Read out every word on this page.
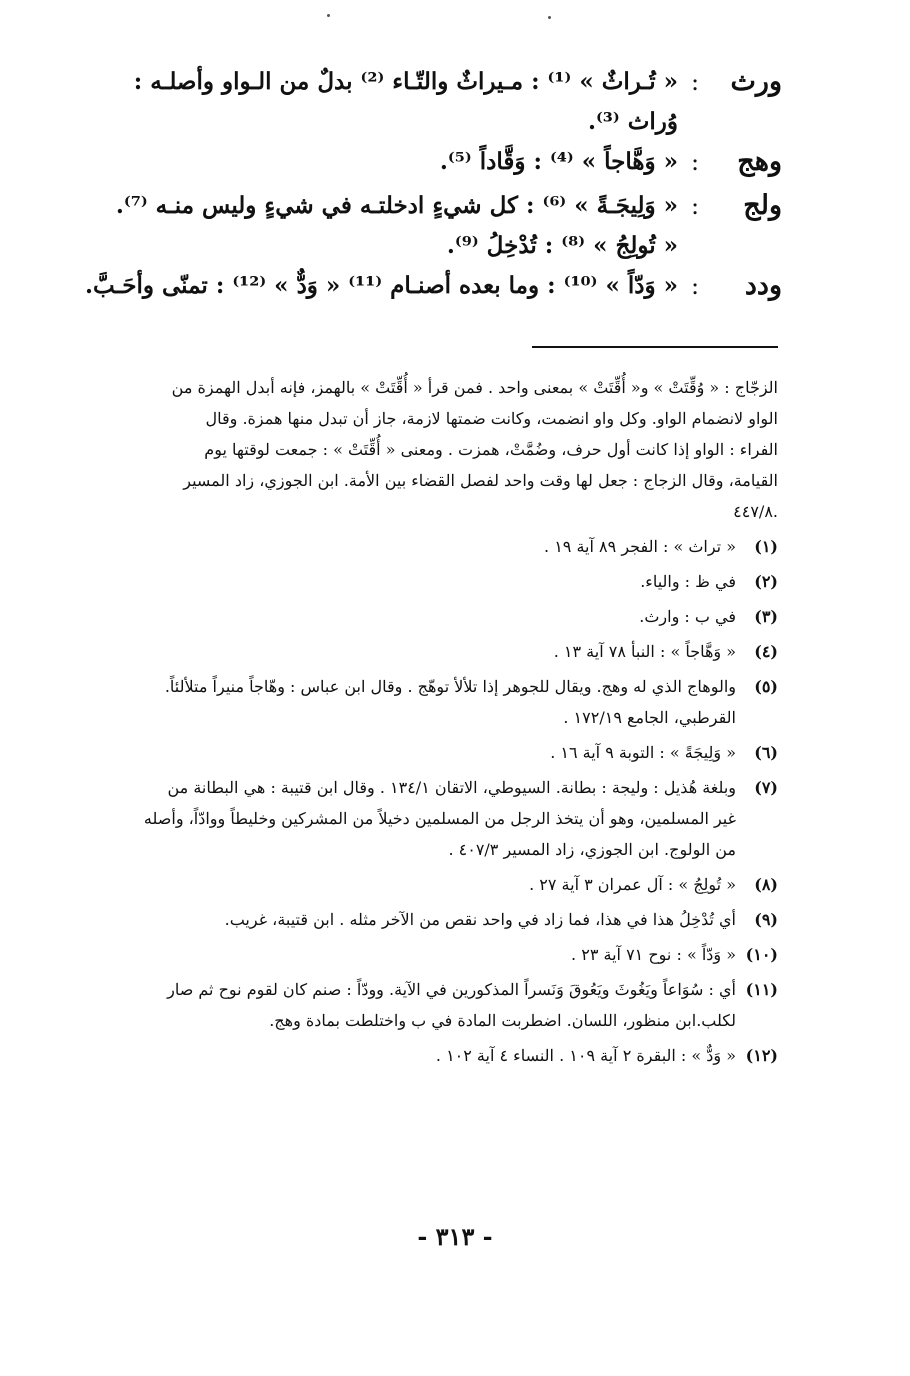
ورث
:
« تُـراثٌ » ⁽¹⁾ : مـيراثٌ والتّـاء ⁽²⁾ بدلٌ من الـواو وأصلـه :
وُراث ⁽³⁾.
وهج
:
« وَهَّاجاً » ⁽⁴⁾ : وَقَّاداً ⁽⁵⁾.
ولج
:
« وَلِيجَـةً » ⁽⁶⁾ : كل شيءٍ ادخلتـه في شيءٍ وليس منـه ⁽⁷⁾.
« تُولِجُ » ⁽⁸⁾ : تُدْخِلُ ⁽⁹⁾.
ودد
:
« وَدّاً » ⁽¹⁰⁾ : وما بعده أصنـام ⁽¹¹⁾ « وَدٌّ » ⁽¹²⁾ : تمنّى وأحَـبَّ.

الزجّاج : « وُقِّتَتْ » و« أُقِّتَتْ » بمعنى واحد . فمن قرأ « أُقِّتَتْ » بالهمز، فإنه أبدل الهمزة من

الواو لانضمام الواو. وكل واو انضمت، وكانت ضمتها لازمة، جاز أن تبدل منها همزة. وقال

الفراء : الواو إذا كانت أول حرف، وضُمَّتْ، همزت . ومعنى « أُقِّتَتْ » : جمعت لوقتها يوم

القيامة، وقال الزجاج : جعل لها وقت واحد لفصل القضاء بين الأمة. ابن الجوزي، زاد المسير

.٤٤٧/٨

(١)

« تراث » : الفجر ٨٩ آية ١٩ .

(٢)

في ظ : والياء.

(٣)

في ب : وارث.

(٤)

« وَهَّاجاً » : النبأ ٧٨ آية ١٣ .

(٥)

والوهاج الذي له وهج. ويقال للجوهر إذا تلألأ توهّج . وقال ابن عباس : وهّاجاً منيراً متلألئاً.

القرطبي، الجامع ١٧٢/١٩ .

(٦)

« وَلِيجَةً » : التوبة ٩ آية ١٦ .

(٧)

وبلغة هُذيل : وليجة : بطانة. السيوطي، الاتقان ١٣٤/١ . وقال ابن قتيبة : هي البطانة من

غير المسلمين، وهو أن يتخذ الرجل من المسلمين دخيلاً من المشركين وخليطاً ووادّاً، وأصله

من الولوج. ابن الجوزي، زاد المسير ٤٠٧/٣ .

(٨)

« تُولِجُ » : آل عمران ٣ آية ٢٧ .

(٩)

أي تُدْخِلُ هذا في هذا، فما زاد في واحد نقص من الآخر مثله . ابن قتيبة، غريب.

(١٠)

« وَدّاً » : نوح ٧١ آية ٢٣ .

(١١)

أي : سُوَاعاً ويَغُوثَ ويَعُوقَ وَنَسراً المذكورين في الآية. وودّاً : صنم كان لقوم نوح ثم صار

لكلب.ابن منظور، اللسان. اضطربت المادة في ب واختلطت بمادة وهج.

(١٢)

« وَدٌّ » : البقرة ٢ آية ١٠٩ . النساء ٤ آية ١٠٢ .

- ٣١٣ -
